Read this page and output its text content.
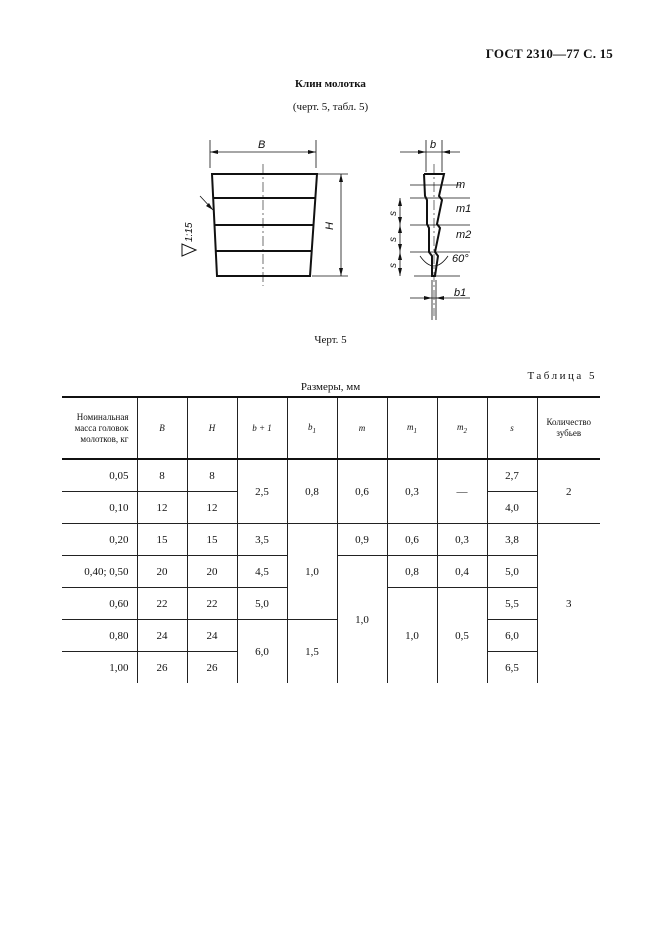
ГОСТ 2310—77 С. 15
Клин молотка
(черт. 5, табл. 5)
B
H
1:15
b
m
m1
m2
s
s
s
60°
b1
Черт. 5
Таблица 5
Размеры, мм
Номинальная масса головок молотков, кг	B	H	b + 1	$b_1$	m	$m_1$	$m_2$	s	Количество зубьев
0,05	8	8	2,5	0,8	0,6	0,3	—	2,7	2
0,10	12	12						4,0	
0,20	15	15	3,5	1,0	0,9	0,6	0,3	3,8	3
0,40; 0,50	20	20	4,5		1,0	0,8	0,4	5,0	
0,60	22	22	5,0			1,0	0,5	5,5	
0,80	24	24	6,0	1,5				6,0	
1,00	26	26						6,5	
